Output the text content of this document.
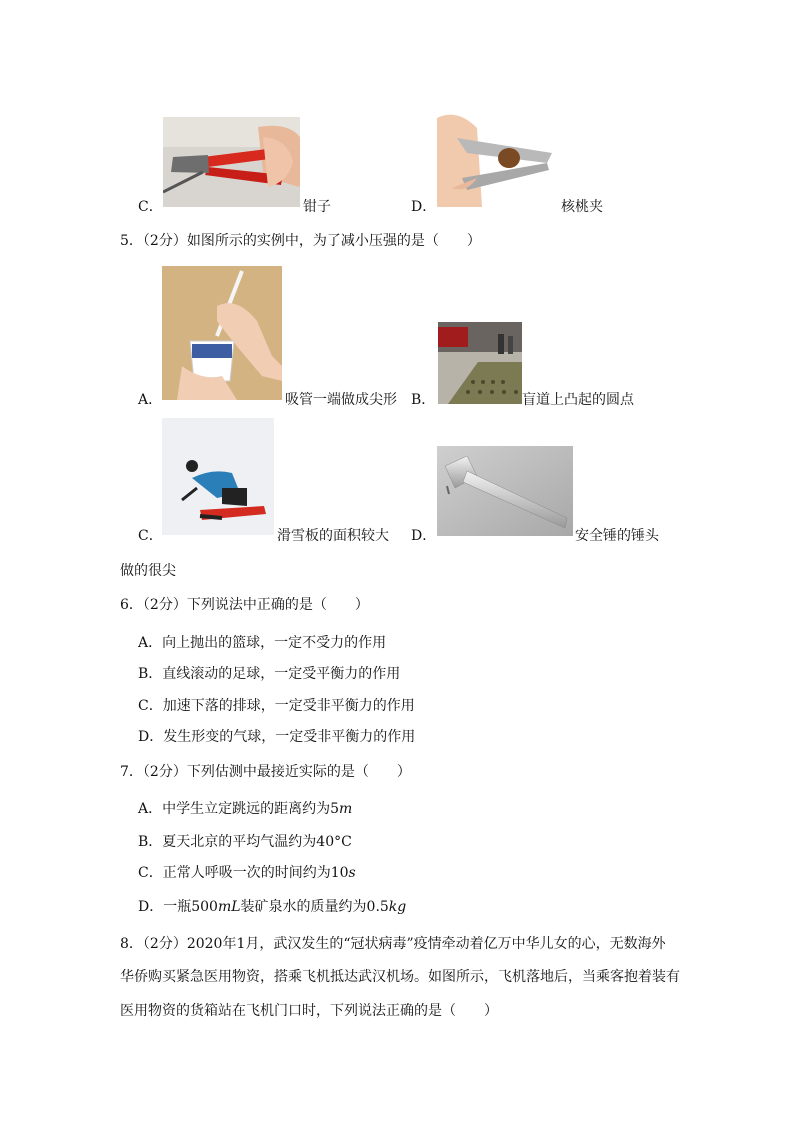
C．	钳子	D．	核桃夹
5．（2分）如图所示的实例中，为了减小压强的是（　　）
A．	吸管一端做成尖形 B．	盲道上凸起的圆点
C．	滑雪板的面积较大 D．	安全锤的锤头
做的很尖
6．（2分）下列说法中正确的是（　　）
A．向上抛出的篮球，一定不受力的作用
B．直线滚动的足球，一定受平衡力的作用
C．加速下落的排球，一定受非平衡力的作用
D．发生形变的气球，一定受非平衡力的作用
7．（2分）下列估测中最接近实际的是（　　）
A．中学生立定跳远的距离约为5m
B．夏天北京的平均气温约为40°C
C．正常人呼吸一次的时间约为10s
D．一瓶500mL装矿泉水的质量约为0.5kg
8．（2分）2020年1月，武汉发生的“冠状病毒”疫情牵动着亿万中华儿女的心，无数海外
华侨购买紧急医用物资，搭乘飞机抵达武汉机场。如图所示，飞机落地后，当乘客抱着装有
医用物资的货箱站在飞机门口时，下列说法正确的是（　　）
